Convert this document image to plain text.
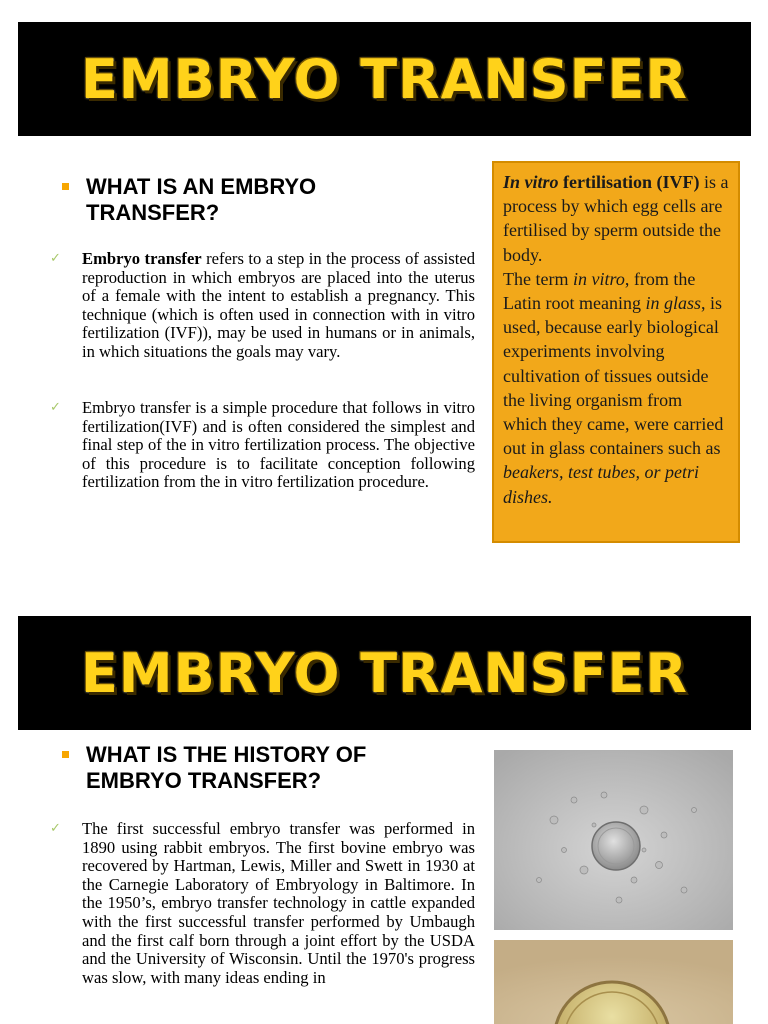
EMBRYO TRANSFER
WHAT IS AN EMBRYO TRANSFER?
✓ Embryo transfer refers to a step in the process of assisted reproduction in which embryos are placed into the uterus of a female with the intent to establish a pregnancy. This technique (which is often used in connection with in vitro fertilization (IVF)), may be used in humans or in animals, in which situations the goals may vary.
✓ Embryo transfer is a simple procedure that follows in vitro fertilization(IVF) and is often considered the simplest and final step of the in vitro fertilization process. The objective of this procedure is to facilitate conception following fertilization from the in vitro fertilization procedure.
In vitro fertilisation (IVF) is a process by which egg cells are fertilised by sperm outside the body.
The term in vitro, from the Latin root meaning in glass, is used, because early biological experiments involving cultivation of tissues outside the living organism from which they came, were carried out in glass containers such as beakers, test tubes, or petri dishes.
EMBRYO TRANSFER
WHAT IS THE HISTORY OF EMBRYO TRANSFER?
✓ The first successful embryo transfer was performed in 1890 using rabbit embryos. The first bovine embryo was recovered by Hartman, Lewis, Miller and Swett in 1930 at the Carnegie Laboratory of Embryology in Baltimore. In the 1950’s, embryo transfer technology in cattle expanded with the first successful transfer performed by Umbaugh and the first calf born through a joint effort by the USDA and the University of Wisconsin. Until the 1970's progress was slow, with many ideas ending in
